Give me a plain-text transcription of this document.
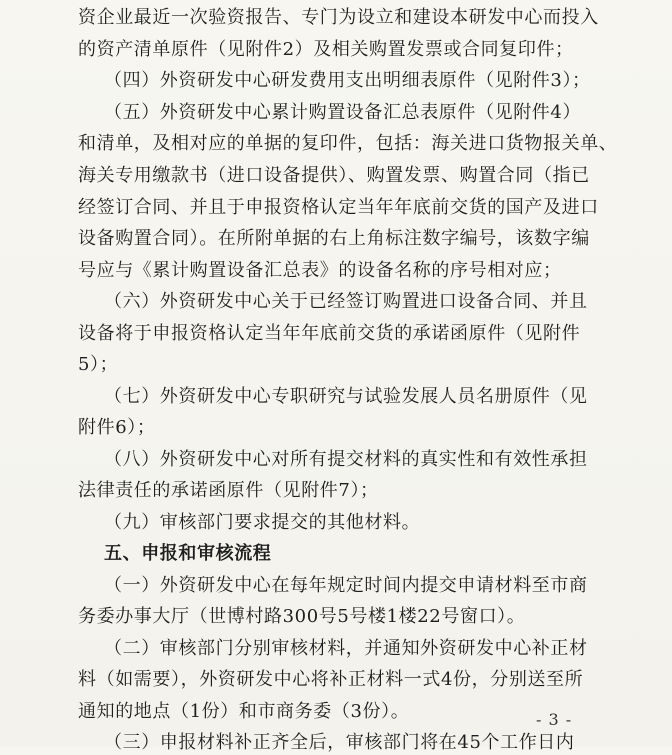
资企业最近一次验资报告、专门为设立和建设本研发中心而投入
的资产清单原件（见附件2）及相关购置发票或合同复印件；
（四）外资研发中心研发费用支出明细表原件（见附件3）；
（五）外资研发中心累计购置设备汇总表原件（见附件4）
和清单，及相对应的单据的复印件，包括：海关进口货物报关单、
海关专用缴款书（进口设备提供）、购置发票、购置合同（指已
经签订合同、并且于申报资格认定当年年底前交货的国产及进口
设备购置合同）。在所附单据的右上角标注数字编号，该数字编
号应与《累计购置设备汇总表》的设备名称的序号相对应；
（六）外资研发中心关于已经签订购置进口设备合同、并且
设备将于申报资格认定当年年底前交货的承诺函原件（见附件
5）；
（七）外资研发中心专职研究与试验发展人员名册原件（见
附件6）；
（八）外资研发中心对所有提交材料的真实性和有效性承担
法律责任的承诺函原件（见附件7）；
（九）审核部门要求提交的其他材料。
五、申报和审核流程
（一）外资研发中心在每年规定时间内提交申请材料至市商
务委办事大厅（世博村路300号5号楼1楼22号窗口）。
（二）审核部门分别审核材料，并通知外资研发中心补正材
料（如需要），外资研发中心将补正材料一式4份，分别送至所
通知的地点（1份）和市商务委（3份）。
（三）申报材料补正齐全后，审核部门将在45个工作日内
- 3 -
